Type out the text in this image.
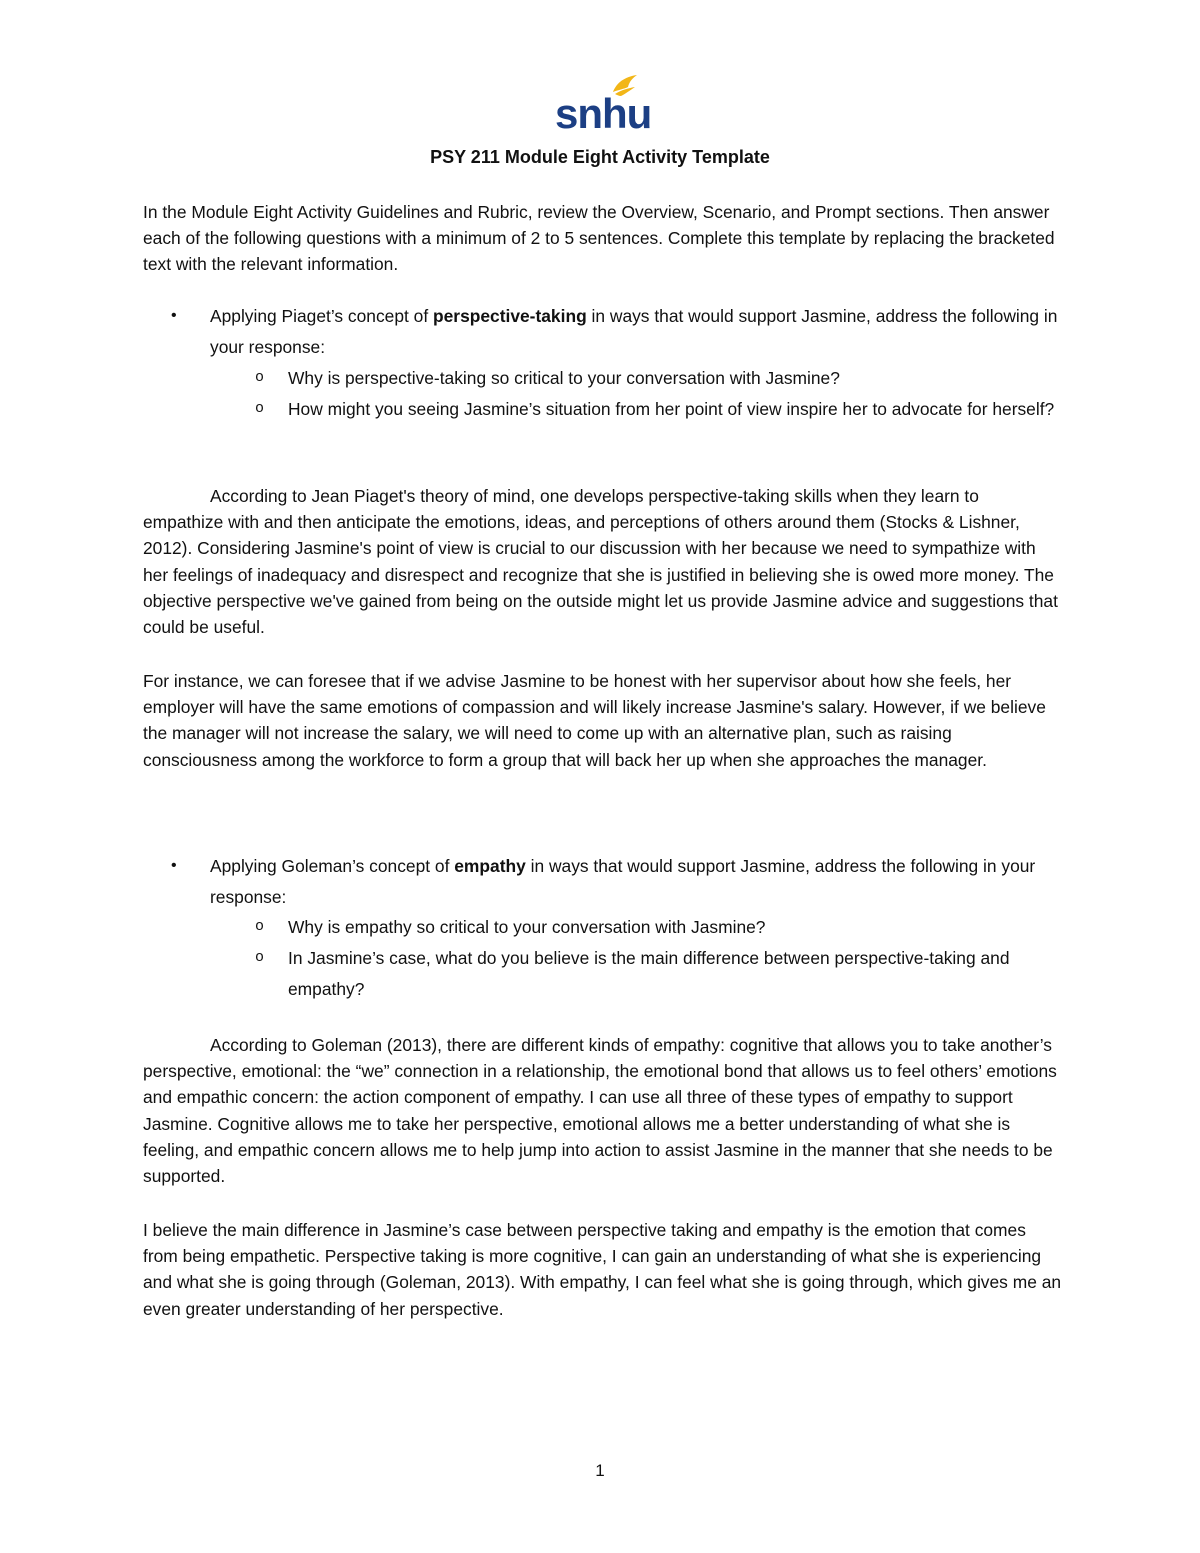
snhu
PSY 211 Module Eight Activity Template

In the Module Eight Activity Guidelines and Rubric, review the Overview, Scenario, and Prompt sections. Then answer each of the following questions with a minimum of 2 to 5 sentences. Complete this template by replacing the bracketed text with the relevant information.

• Applying Piaget’s concept of perspective-taking in ways that would support Jasmine, address the following in your response:
o Why is perspective-taking so critical to your conversation with Jasmine?
o How might you seeing Jasmine’s situation from her point of view inspire her to advocate for herself?

According to Jean Piaget's theory of mind, one develops perspective-taking skills when they learn to empathize with and then anticipate the emotions, ideas, and perceptions of others around them (Stocks & Lishner, 2012). Considering Jasmine's point of view is crucial to our discussion with her because we need to sympathize with her feelings of inadequacy and disrespect and recognize that she is justified in believing she is owed more money. The objective perspective we've gained from being on the outside might let us provide Jasmine advice and suggestions that could be useful.

For instance, we can foresee that if we advise Jasmine to be honest with her supervisor about how she feels, her employer will have the same emotions of compassion and will likely increase Jasmine's salary. However, if we believe the manager will not increase the salary, we will need to come up with an alternative plan, such as raising consciousness among the workforce to form a group that will back her up when she approaches the manager.

• Applying Goleman’s concept of empathy in ways that would support Jasmine, address the following in your response:
o Why is empathy so critical to your conversation with Jasmine?
o In Jasmine’s case, what do you believe is the main difference between perspective-taking and empathy?

According to Goleman (2013), there are different kinds of empathy: cognitive that allows you to take another’s perspective, emotional: the “we” connection in a relationship, the emotional bond that allows us to feel others’ emotions and empathic concern: the action component of empathy. I can use all three of these types of empathy to support Jasmine. Cognitive allows me to take her perspective, emotional allows me a better understanding of what she is feeling, and empathic concern allows me to help jump into action to assist Jasmine in the manner that she needs to be supported.

I believe the main difference in Jasmine’s case between perspective taking and empathy is the emotion that comes from being empathetic. Perspective taking is more cognitive, I can gain an understanding of what she is experiencing and what she is going through (Goleman, 2013). With empathy, I can feel what she is going through, which gives me an even greater understanding of her perspective.

1
